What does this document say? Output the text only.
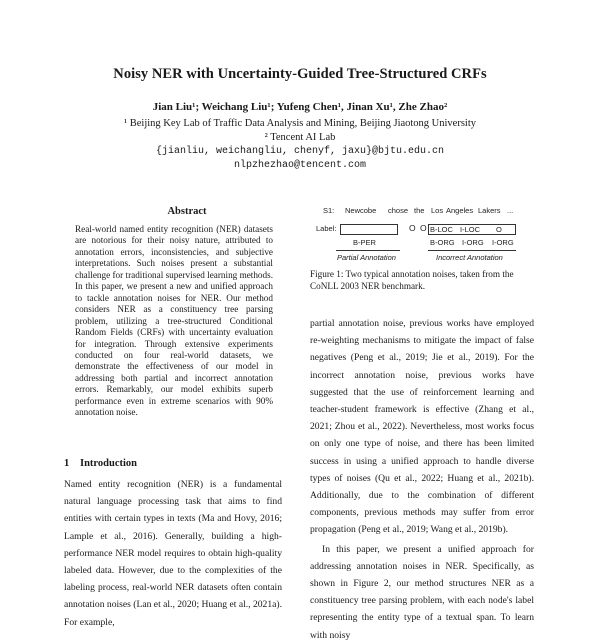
Noisy NER with Uncertainty-Guided Tree-Structured CRFs
Jian Liu¹; Weichang Liu¹; Yufeng Chen¹, Jinan Xu¹, Zhe Zhao²
¹ Beijing Key Lab of Traffic Data Analysis and Mining, Beijing Jiaotong University
² Tencent AI Lab
{jianliu, weichangliu, chenyf, jaxu}@bjtu.edu.cn
nlpzhezhao@tencent.com
Abstract

Real-world named entity recognition (NER) datasets are notorious for their noisy nature, attributed to annotation errors, inconsistencies, and subjective interpretations. Such noises present a substantial challenge for traditional supervised learning methods. In this paper, we present a new and unified approach to tackle annotation noises for NER. Our method considers NER as a constituency tree parsing problem, utilizing a tree-structured Conditional Random Fields (CRFs) with uncertainty evaluation for integration. Through extensive experiments conducted on four real-world datasets, we demonstrate the effectiveness of our model in addressing both partial and incorrect annotation errors. Remarkably, our model exhibits superb performance even in extreme scenarios with 90% annotation noise.

1 Introduction

Named entity recognition (NER) is a fundamental natural language processing task that aims to find entities with certain types in texts (Ma and Hovy, 2016; Lample et al., 2016). Generally, building a high-performance NER model requires to obtain high-quality labeled data. However, due to the complexities of the labeling process, real-world NER datasets often contain annotation noises (Lan et al., 2020; Huang et al., 2021a). For example,

S1: Newcobe chose the Los Angeles Lakers ...
Label:	O O B-LOC I-LOC O
B-PER	B-ORG I-ORG I-ORG
Partial Annotation	Incorrect Annotation

Figure 1: Two typical annotation noises, taken from the CoNLL 2003 NER benchmark.

partial annotation noise, previous works have employed re-weighting mechanisms to mitigate the impact of false negatives (Peng et al., 2019; Jie et al., 2019). For the incorrect annotation noise, previous works have suggested that the use of reinforcement learning and teacher-student framework is effective (Zhang et al., 2021; Zhou et al., 2022). Nevertheless, most works focus on only one type of noise, and there has been limited success in using a unified approach to handle diverse types of noises (Qu et al., 2022; Huang et al., 2021b). Additionally, due to the combination of different components, previous methods may suffer from error propagation (Peng et al., 2019; Wang et al., 2019b).
In this paper, we present a unified approach for addressing annotation noises in NER. Specifically, as shown in Figure 2, our method structures NER as a constituency tree parsing problem, with each node's label representing the entity type of a textual span. To learn with noisy
